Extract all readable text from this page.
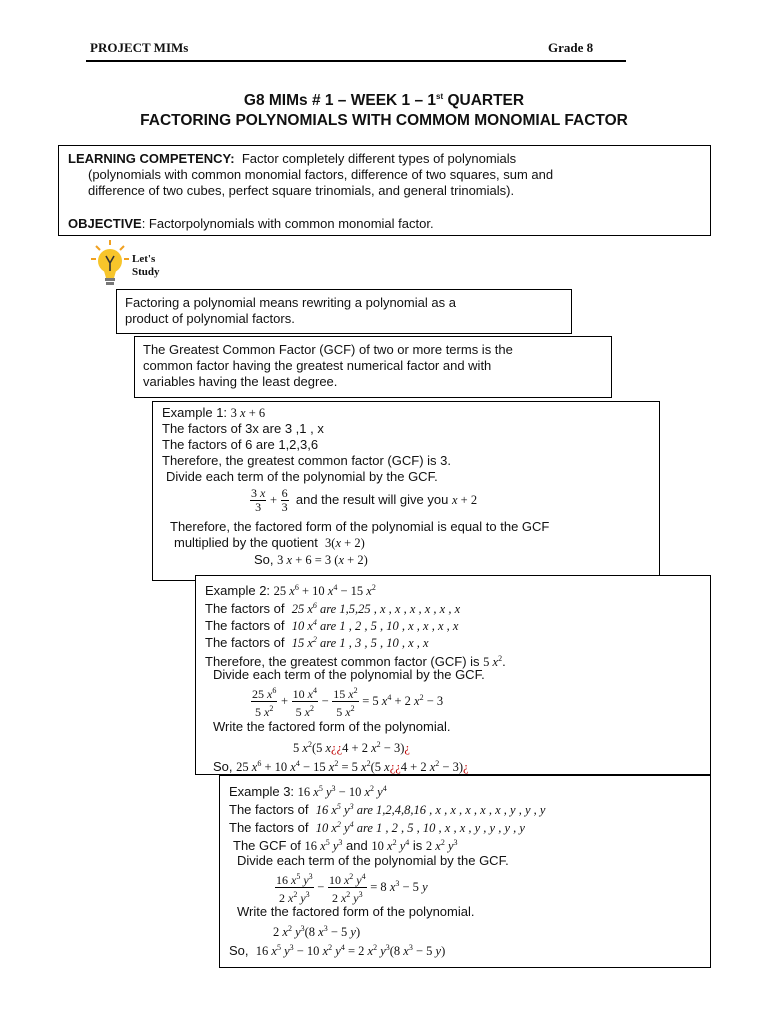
PROJECT MIMs	Grade 8
G8 MIMs # 1 – WEEK 1 – 1st QUARTER
FACTORING POLYNOMIALS WITH COMMOM MONOMIAL FACTOR
LEARNING COMPETENCY: Factor completely different types of polynomials
(polynomials with common monomial factors, difference of two squares, sum and
difference of two cubes, perfect square trinomials, and general trinomials).
OBJECTIVE: Factorpolynomials with common monomial factor.
Let's
Study
Factoring a polynomial means rewriting a polynomial as a
product of polynomial factors.
The Greatest Common Factor (GCF) of two or more terms is the
common factor having the greatest numerical factor and with
variables having the least degree.
Example 1: 3 x + 6
The factors of 3x are 3 ,1 , x
The factors of 6 are 1,2,3,6
Therefore, the greatest common factor (GCF) is 3.
Divide each term of the polynomial by the GCF.
$\frac{3 x}{3} + \frac{6}{3}$ and the result will give you x + 2
Therefore, the factored form of the polynomial is equal to the GCF
multiplied by the quotient 3(x + 2)
So, 3 x + 6 = 3 (x + 2)
Example 2: 25 $x^6 + 10$ $x^4 - 15$ $x^2$
The factors of 25 $x^6$ are 1,5,25 , x , x , x , x , x , x
The factors of 10 $x^4$ are 1 , 2 , 5 , 10 , x , x , x , x
The factors of 15 $x^2$ are 1 , 3 , 5 , 10 , x , x
Therefore, the greatest common factor (GCF) is 5 $x^2$.
Divide each term of the polynomial by the GCF.
$\frac{25 x^6}{5 x^2} + \frac{10 x^4}{5 x^2} - \frac{15 x^2}{5 x^2} = 5$ $x^4 + 2$ $x^2 - 3$
Write the factored form of the polynomial.
5 $x^2(5$ x¿¿4 + 2 $x^2$ − 3)¿
So, 25 $x^6 + 10$ $x^4 - 15$ $x^2 = 5$ $x^2(5$ x¿¿4 + 2 $x^2$ − 3)¿
Example 3: 16 $x^5$ $y^3 - 10$ $x^2$ $y^4$
The factors of 16 $x^5$ $y^3$ are 1,2,4,8,16 , x , x , x , x , x , y , y , y
The factors of 10 $x^2$ $y^4$ are 1 , 2 , 5 , 10 , x , x , y , y , y , y
The GCF of 16 $x^5$ $y^3$ and 10 $x^2$ $y^4$ is 2 $x^2$ $y^3$
Divide each term of the polynomial by the GCF.
$\frac{16 x^5 y^3}{2 x^2 y^3} - \frac{10 x^2 y^4}{2 x^2 y^3} = 8$ $x^3 - 5$ y
Write the factored form of the polynomial.
2 $x^2$ $y^3(8$ $x^3 - 5$ y)
So, 16 $x^5$ $y^3 - 10$ $x^2$ $y^4 = 2$ $x^2$ $y^3(8$ $x^3 - 5$ y)
